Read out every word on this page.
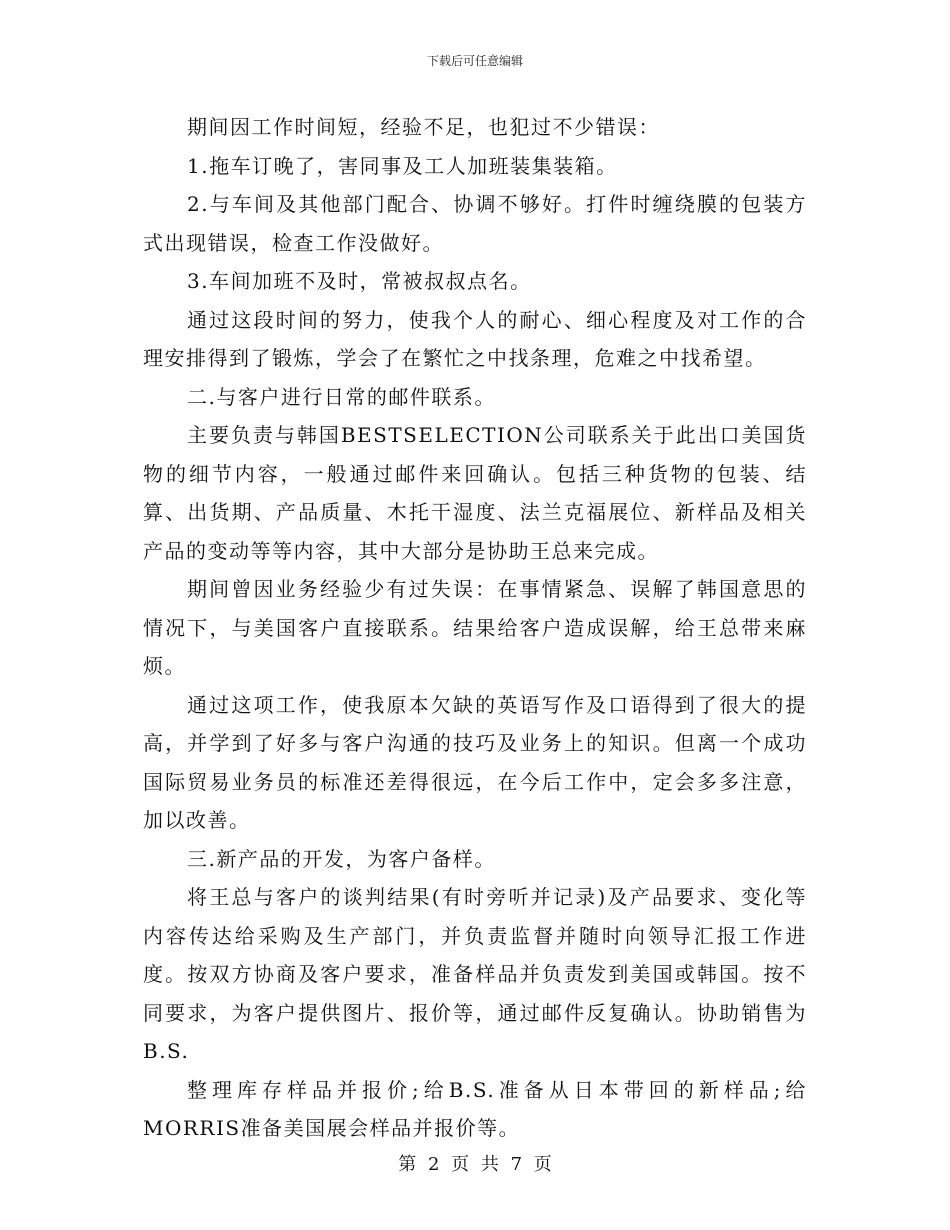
下载后可任意编辑

期间因工作时间短，经验不足，也犯过不少错误：

1.拖车订晚了，害同事及工人加班装集装箱。

2.与车间及其他部门配合、协调不够好。打件时缠绕膜的包装方式出现错误，检查工作没做好。

3.车间加班不及时，常被叔叔点名。

通过这段时间的努力，使我个人的耐心、细心程度及对工作的合理安排得到了锻炼，学会了在繁忙之中找条理，危难之中找希望。

二.与客户进行日常的邮件联系。

主要负责与韩国BESTSELECTION公司联系关于此出口美国货物的细节内容，一般通过邮件来回确认。包括三种货物的包装、结算、出货期、产品质量、木托干湿度、法兰克福展位、新样品及相关产品的变动等等内容，其中大部分是协助王总来完成。

期间曾因业务经验少有过失误：在事情紧急、误解了韩国意思的情况下，与美国客户直接联系。结果给客户造成误解，给王总带来麻烦。

通过这项工作，使我原本欠缺的英语写作及口语得到了很大的提高，并学到了好多与客户沟通的技巧及业务上的知识。但离一个成功国际贸易业务员的标准还差得很远，在今后工作中，定会多多注意，加以改善。

三.新产品的开发，为客户备样。

将王总与客户的谈判结果(有时旁听并记录)及产品要求、变化等内容传达给采购及生产部门，并负责监督并随时向领导汇报工作进度。按双方协商及客户要求，准备样品并负责发到美国或韩国。按不同要求，为客户提供图片、报价等，通过邮件反复确认。协助销售为B.S.

整理库存样品并报价;给B.S.准备从日本带回的新样品;给MORRIS准备美国展会样品并报价等。

第 2 页 共 7 页
